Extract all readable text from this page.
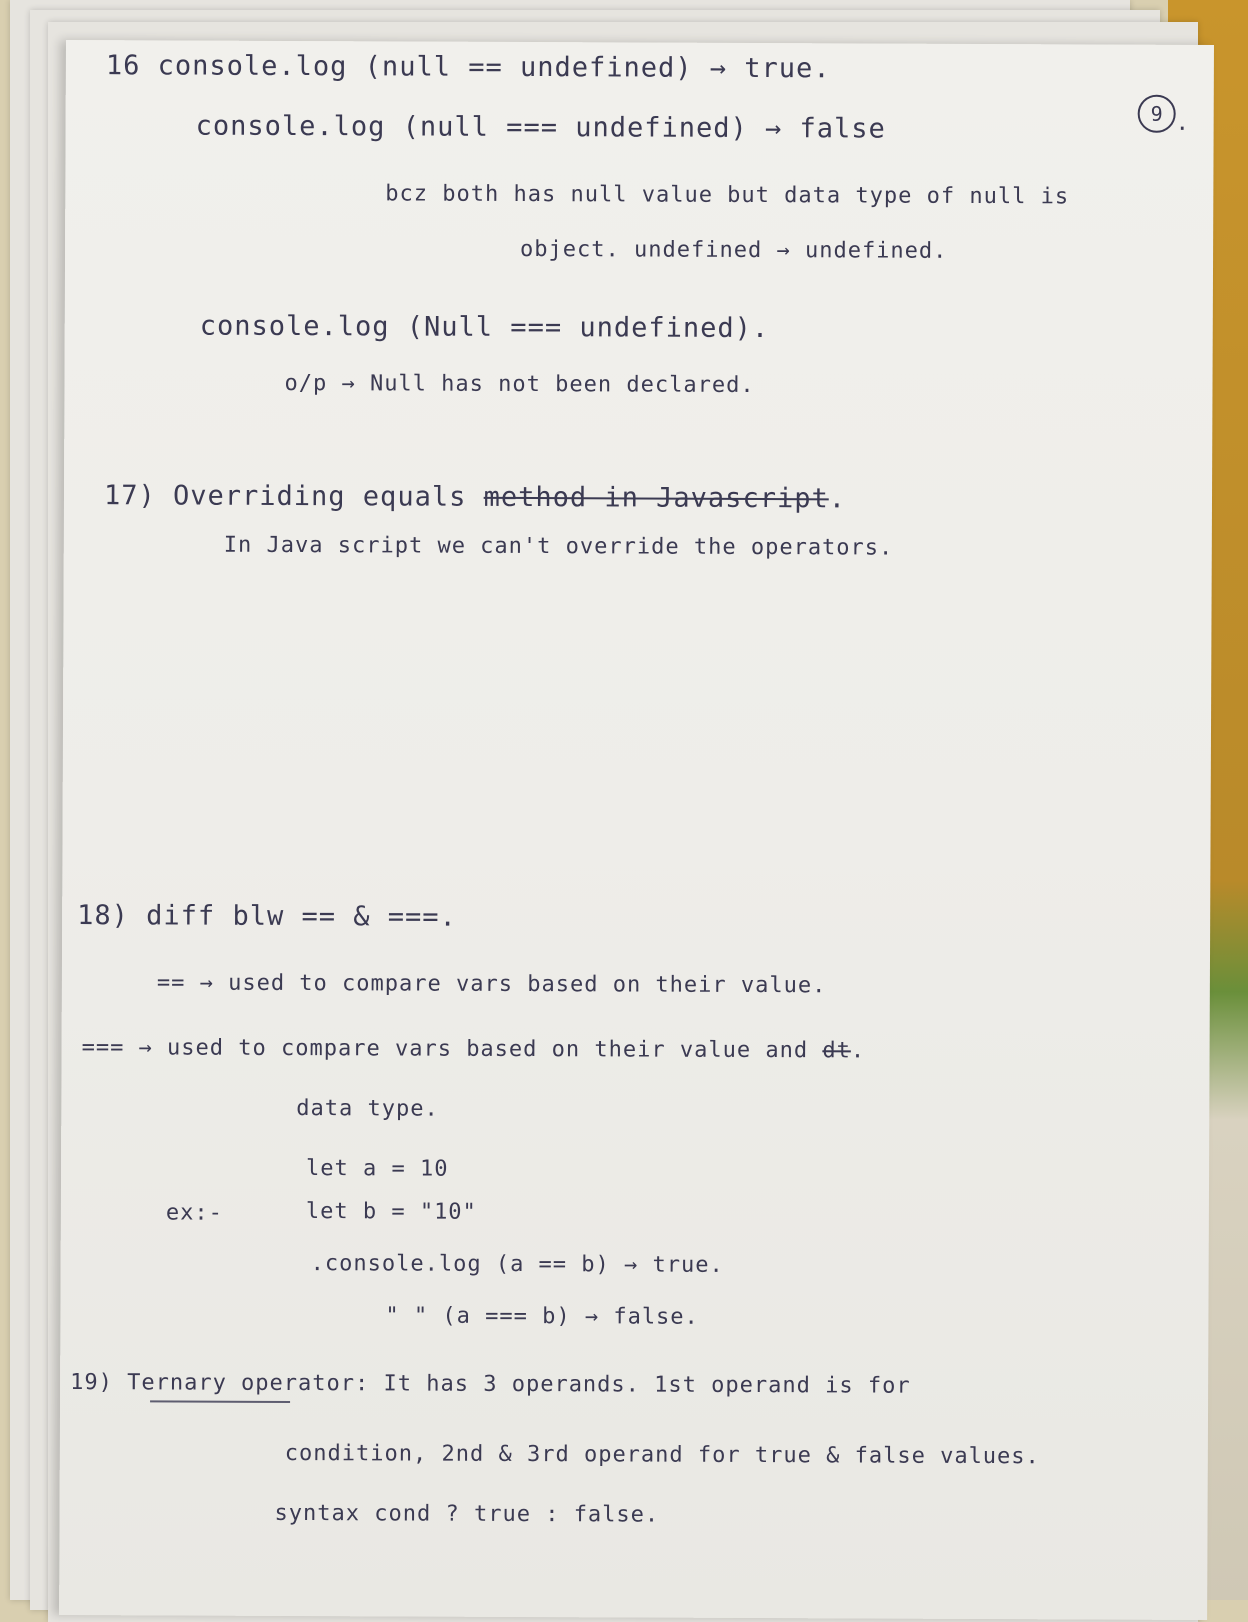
9 .
16 console.log (null == undefined) → true.
console.log (null === undefined) → false
bcz both has null value but data type of null is
object. undefined → undefined.
console.log (Null === undefined).
o/p → Null has not been declared.
17) Overriding equals method in Javascript.
In Java script we can't override the operators.
18) diff blw == & ===.
== → used to compare vars based on their value.
=== → used to compare vars based on their value and dt.
data type.
let a = 10
ex:-	let b = "10"
.console.log (a == b) → true.
" " (a === b) → false.
19) Ternary operator: It has 3 operands. 1st operand is for
condition, 2nd & 3rd operand for true & false values.
syntax cond ? true : false.
